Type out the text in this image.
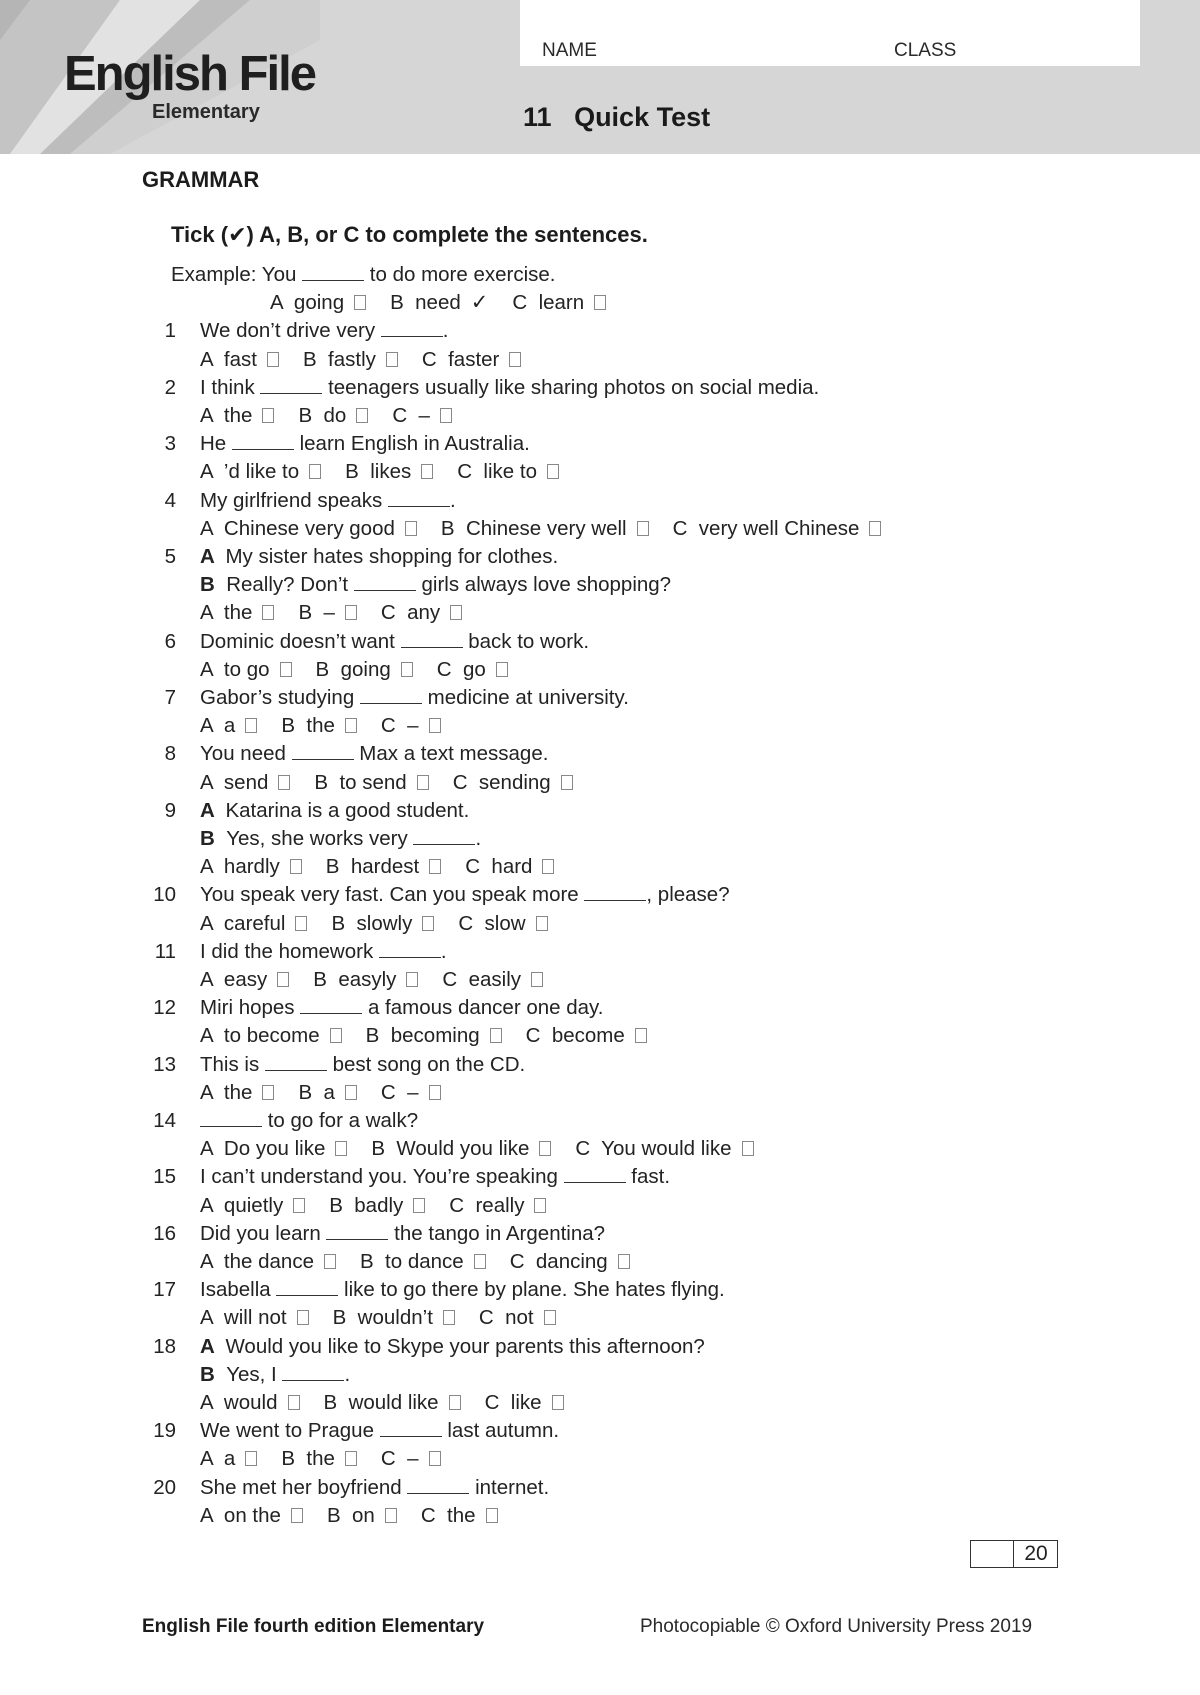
English File
Elementary
NAME	CLASS
11 Quick Test
GRAMMAR
Tick (✔) A, B, or C to complete the sentences.
Example: You	to do more exercise.
A  going B  need ✓ C  learn
1 We don’t drive very	.
A  fast B  fastly C  faster
2 I think	teenagers usually like sharing photos on social media.
A  the B  do C  –
3 He	learn English in Australia.
A  ’d like to B  likes C  like to
4 My girlfriend speaks	.
A  Chinese very good B  Chinese very well C  very well Chinese
5 A  My sister hates shopping for clothes.
B  Really? Don’t	girls always love shopping?
A  the B  – C  any
6 Dominic doesn’t want	back to work.
A  to go B  going C  go
7 Gabor’s studying	medicine at university.
A  a B  the C  –
8 You need	Max a text message.
A  send B  to send C  sending
9 A  Katarina is a good student.
B  Yes, she works very	.
A  hardly B  hardest C  hard
10 You speak very fast. Can you speak more	, please?
A  careful B  slowly C  slow
11 I did the homework	.
A  easy B  easyly C  easily
12 Miri hopes	a famous dancer one day.
A  to become B  becoming C  become
13 This is	best song on the CD.
A  the B  a C  –
14	to go for a walk?
A  Do you like B  Would you like C  You would like
15 I can’t understand you. You’re speaking	fast.
A  quietly B  badly C  really
16 Did you learn	the tango in Argentina?
A  the dance B  to dance C  dancing
17 Isabella	like to go there by plane. She hates flying.
A  will not B  wouldn’t C  not
18 A  Would you like to Skype your parents this afternoon?
B  Yes, I	.
A  would B  would like C  like
19 We went to Prague	last autumn.
A  a B  the C  –
20 She met her boyfriend	internet.
A  on the B  on C  the
20
English File fourth edition Elementary	Photocopiable © Oxford University Press 2019
